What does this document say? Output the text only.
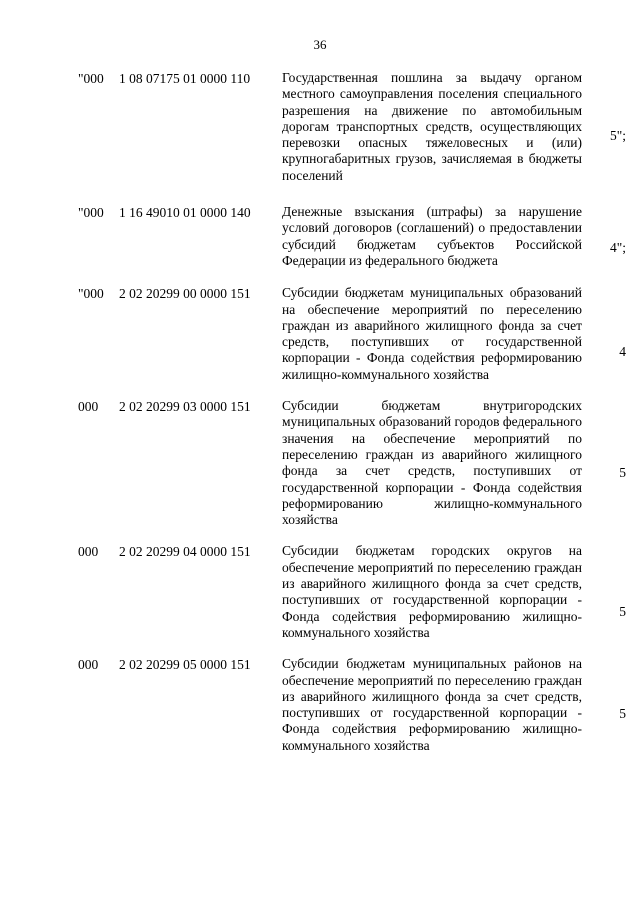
36
"000 1 08 07175 01 0000 110 Государственная пошлина за выдачу органом местного самоуправления поселения специального разрешения на движение по автомобильным дорогам транспортных средств, осуществляющих перевозки опасных тяжеловесных и (или) крупногабаритных грузов, зачисляемая в бюджеты поселений
5";
"000 1 16 49010 01 0000 140 Денежные взыскания (штрафы) за нарушение условий договоров (соглашений) о предоставлении субсидий бюджетам субъектов Российской Федерации из федерального бюджета
4";
"000 2 02 20299 00 0000 151 Субсидии бюджетам муниципальных образований на обеспечение мероприятий по переселению граждан из аварийного жилищного фонда за счет средств, поступивших от государственной корпорации - Фонда содействия реформированию жилищно-коммунального хозяйства
4
000 2 02 20299 03 0000 151 Субсидии бюджетам внутригородских муниципальных образований городов федерального значения на обеспечение мероприятий по переселению граждан из аварийного жилищного фонда за счет средств, поступивших от государственной корпорации - Фонда содействия реформированию жилищно-коммунального хозяйства
5
000 2 02 20299 04 0000 151 Субсидии бюджетам городских округов на обеспечение мероприятий по переселению граждан из аварийного жилищного фонда за счет средств, поступивших от государственной корпорации - Фонда содействия реформированию жилищно-коммунального хозяйства
5
000 2 02 20299 05 0000 151 Субсидии бюджетам муниципальных районов на обеспечение мероприятий по переселению граждан из аварийного жилищного фонда за счет средств, поступивших от государственной корпорации - Фонда содействия реформированию жилищно-коммунального хозяйства
5
